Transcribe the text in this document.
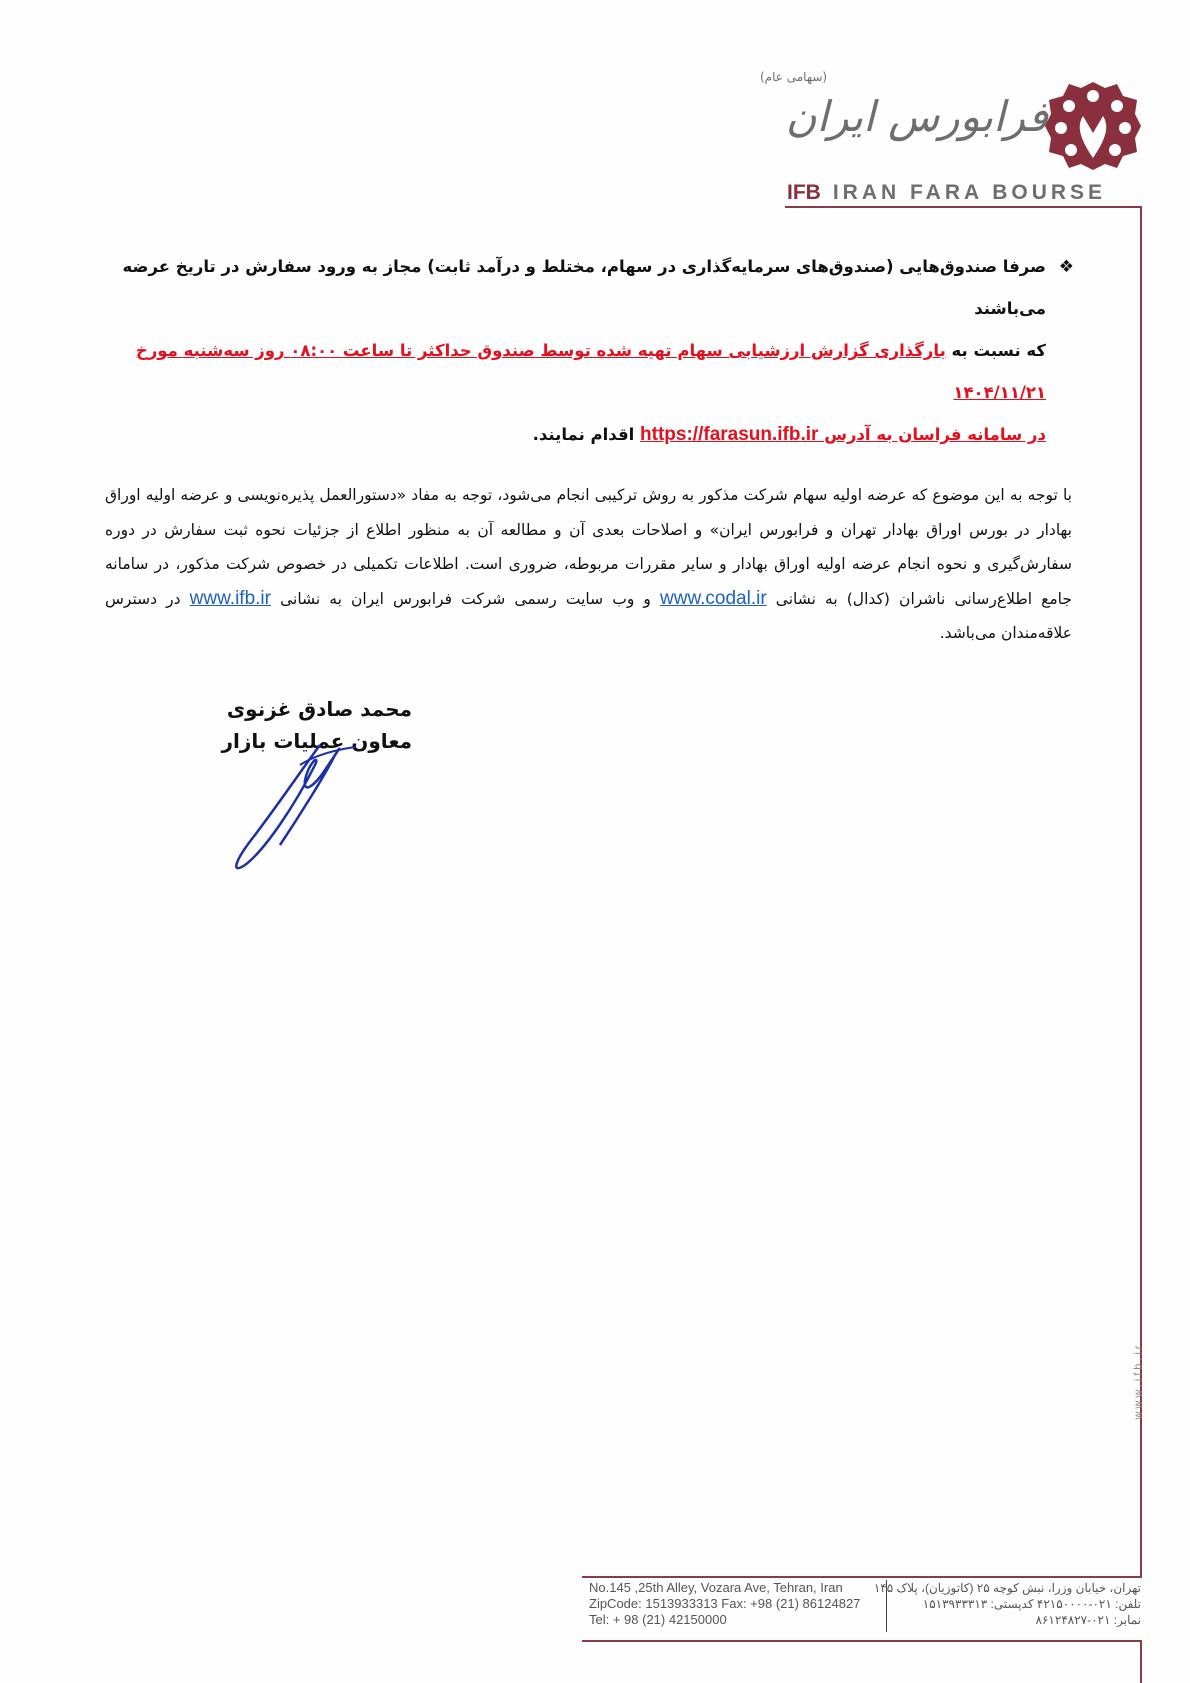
(سهامی عام)
فرابورس ایران
IFB IRAN FARA BOURSE
❖
صرفا صندوق‌هایی (صندوق‌های سرمایه‌گذاری در سهام، مختلط و درآمد ثابت) مجاز به ورود سفارش در تاریخ عرضه می‌باشند
که نسبت به بارگذاری گزارش ارزشیابی سهام تهیه شده توسط صندوق حداکثر تا ساعت ۰۸:۰۰ روز سه‌شنبه مورخ ۱۴۰۴/۱۱/۲۱
در سامانه فراسان به آدرس https://farasun.ifb.ir اقدام نمایند.
با توجه به این موضوع که عرضه اولیه سهام شرکت مذکور به روش ترکیبی انجام می‌شود، توجه به مفاد «دستورالعمل پذیره‌نویسی و عرضه اولیه اوراق بهادار در بورس اوراق بهادار تهران و فرابورس ایران» و اصلاحات بعدی آن و مطالعه آن به منظور اطلاع از جزئیات نحوه ثبت سفارش در دوره سفارش‌گیری و نحوه انجام عرضه اولیه اوراق بهادار و سایر مقررات مربوطه، ضروری است. اطلاعات تکمیلی در خصوص شرکت مذکور، در سامانه جامع اطلاع‌رسانی ناشران (کدال) به نشانی www.codal.ir و وب سایت رسمی شرکت فرابورس ایران به نشانی www.ifb.ir در دسترس علاقه‌مندان می‌باشد.
محمد صادق غزنوی
معاون عملیات بازار
www.ifb.ir
No.145 ,25th Alley, Vozara Ave, Tehran, Iran
ZipCode: 1513933313 Fax: +98 (21) 86124827
Tel: + 98 (21) 42150000
تهران، خیابان وزرا، نبش کوچه ۲۵ (کاتوزیان)، پلاک ۱۴۵
تلفن: ۰۲۱-۴۲۱۵۰۰۰۰ کدپستی: ۱۵۱۳۹۳۳۳۱۳
نمابر: ۰۲۱-۸۶۱۲۴۸۲۷
